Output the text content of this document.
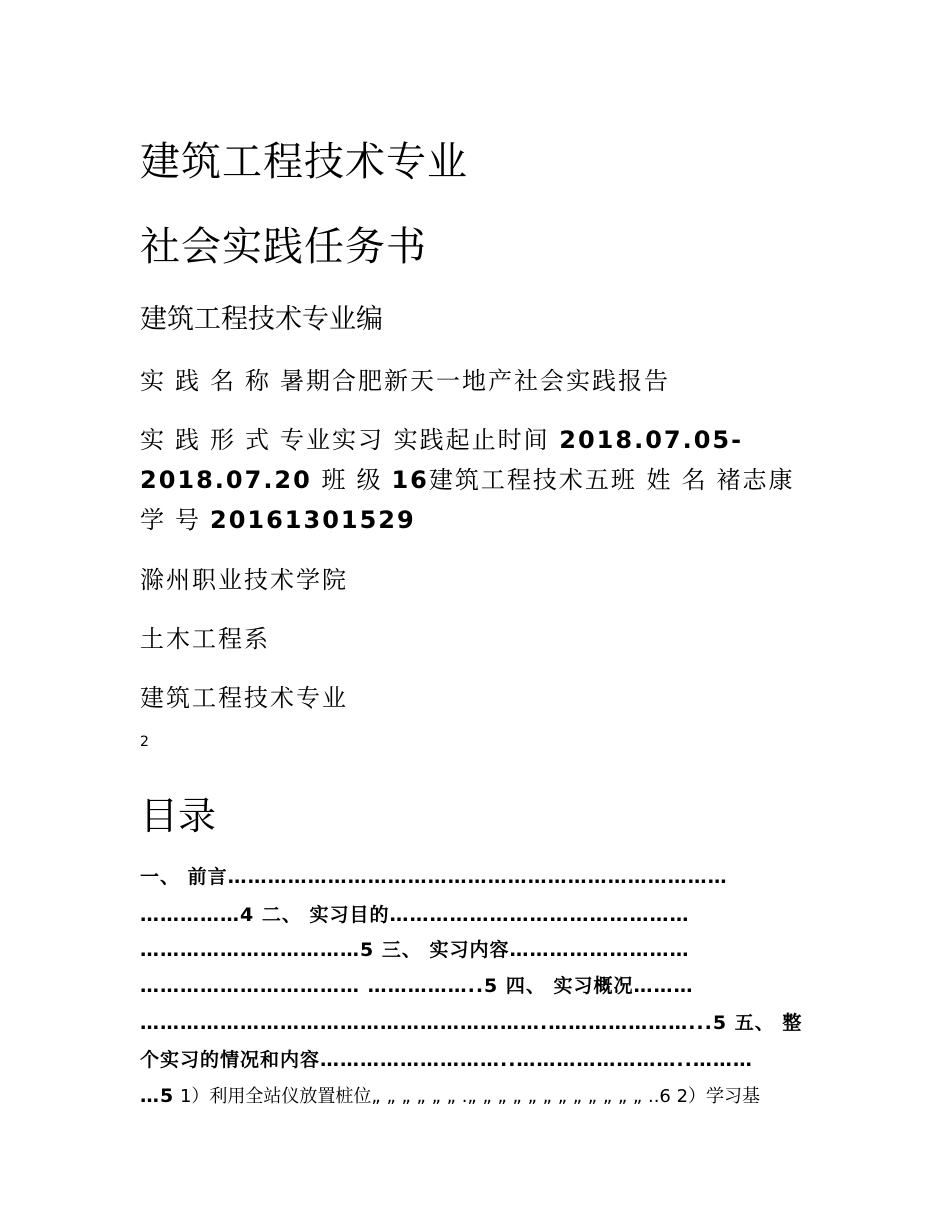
建筑工程技术专业
社会实践任务书
建筑工程技术专业编
实践名称暑期合肥新天一地产社会实践报告
实践形式专业实习 实践起止时间 2018.07.05-
2018.07.20 班级16建筑工程技术五班 姓名褚志康
学号20161301529
滁州职业技术学院
土木工程系
建筑工程技术专业
2
目录
一、 前言…………………………………………………………………
……………4 二、 实习目的………………………………………
……………………………5 三、 实习内容………………………
…………………………… ……………..5 四、 实习概况………
…………………………………………………….…………………...5 五、 整
个实习的情况和内容………………………..……………………..………
…5 1）利用全站仪放置桩位„ „ „ „ „ „ .„ „ „ „ „ „ „ „ „ „ „ „ ..6 2）学习基
